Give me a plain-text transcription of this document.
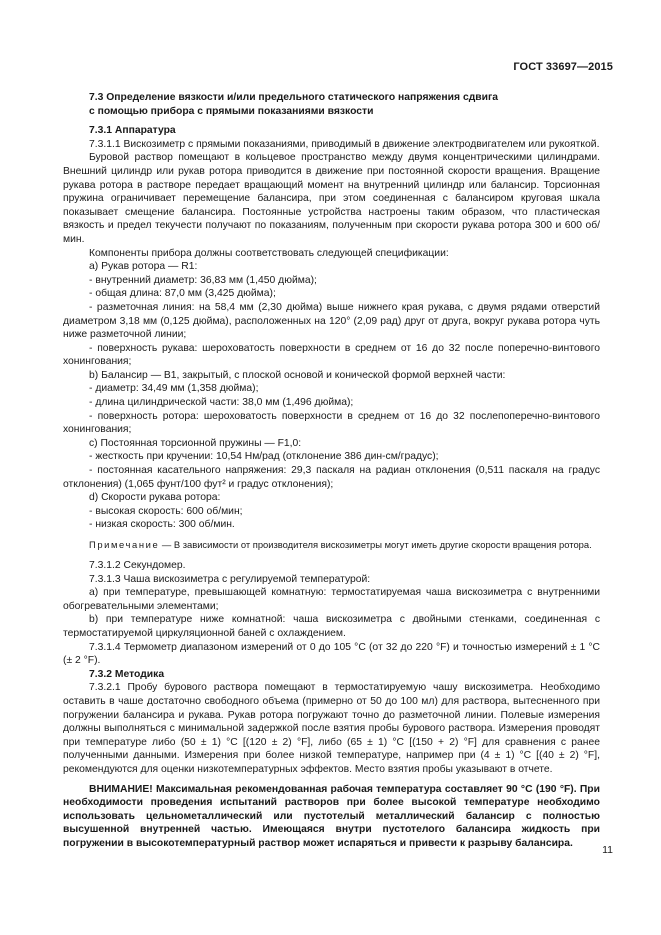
ГОСТ 33697—2015

7.3 Определение вязкости и/или предельного статического напряжения сдвига

с помощью прибора с прямыми показаниями вязкости

7.3.1 Аппаратура

7.3.1.1 Вискозиметр с прямыми показаниями, приводимый в движение электродвигателем или рукояткой.

Буровой раствор помещают в кольцевое пространство между двумя концентрическими цилиндрами. Внешний цилиндр или рукав ротора приводится в движение при постоянной скорости вращения. Вращение рукава ротора в растворе передает вращающий момент на внутренний цилиндр или балансир. Торсионная пружина ограничивает перемещение балансира, при этом соединенная с балансиром круговая шкала показывает смещение балансира. Постоянные устройства настроены таким образом, что пластическая вязкость и предел текучести получают по показаниям, полученным при скорости рукава ротора 300 и 600 об/мин.

Компоненты прибора должны соответствовать следующей спецификации:

а) Рукав ротора — R1:

- внутренний диаметр: 36,83 мм (1,450 дюйма);

- общая длина: 87,0 мм (3,425 дюйма);

- разметочная линия: на 58,4 мм (2,30 дюйма) выше нижнего края рукава, с двумя рядами отверстий диаметром 3,18 мм (0,125 дюйма), расположенных на 120° (2,09 рад) друг от друга, вокруг рукава ротора чуть ниже разметочной линии;

- поверхность рукава: шероховатость поверхности в среднем от 16 до 32 после поперечно-винтового хонингования;

b) Балансир — В1, закрытый, с плоской основой и конической формой верхней части:

- диаметр: 34,49 мм (1,358 дюйма);

- длина цилиндрической части: 38,0 мм (1,496 дюйма);

- поверхность ротора: шероховатость поверхности в среднем от 16 до 32 послепоперечно-винтового хонингования;

c) Постоянная торсионной пружины — F1,0:

- жесткость при кручении: 10,54 Нм/рад (отклонение 386 дин-см/градус);

- постоянная касательного напряжения: 29,3 паскаля на радиан отклонения (0,511 паскаля на градус отклонения) (1,065 фунт/100 фут² и градус отклонения);

d) Скорости рукава ротора:

- высокая скорость: 600 об/мин;

- низкая скорость: 300 об/мин.

Примечание — В зависимости от производителя вискозиметры могут иметь другие скорости вращения ротора.

7.3.1.2 Секундомер.

7.3.1.3 Чаша вискозиметра с регулируемой температурой:

а) при температуре, превышающей комнатную: термостатируемая чаша вискозиметра с внутренними обогревательными элементами;

b) при температуре ниже комнатной: чаша вискозиметра с двойными стенками, соединенная с термостатируемой циркуляционной баней с охлаждением.

7.3.1.4 Термометр диапазоном измерений от 0 до 105 °С (от 32 до 220 °F) и точностью измерений ± 1 °С (± 2 °F).

7.3.2 Методика

7.3.2.1 Пробу бурового раствора помещают в термостатируемую чашу вискозиметра. Необходимо оставить в чаше достаточно свободного объема (примерно от 50 до 100 мл) для раствора, вытесненного при погружении балансира и рукава. Рукав ротора погружают точно до разметочной линии. Полевые измерения должны выполняться с минимальной задержкой после взятия пробы бурового раствора. Измерения проводят при температуре либо (50 ± 1) °С [(120 ± 2) °F], либо (65 ± 1) °С [(150 + 2) °F] для сравнения с ранее полученными данными. Измерения при более низкой температуре, например при (4 ± 1) °С [(40 ± 2) °F], рекомендуются для оценки низкотемпературных эффектов. Место взятия пробы указывают в отчете.

ВНИМАНИЕ! Максимальная рекомендованная рабочая температура составляет 90 °С (190 °F). При необходимости проведения испытаний растворов при более высокой температуре необходимо использовать цельнометаллический или пустотелый металлический балансир с полностью высушенной внутренней частью. Имеющаяся внутри пустотелого балансира жидкость при погружении в высокотемпературный раствор может испаряться и привести к разрыву балансира.

11
